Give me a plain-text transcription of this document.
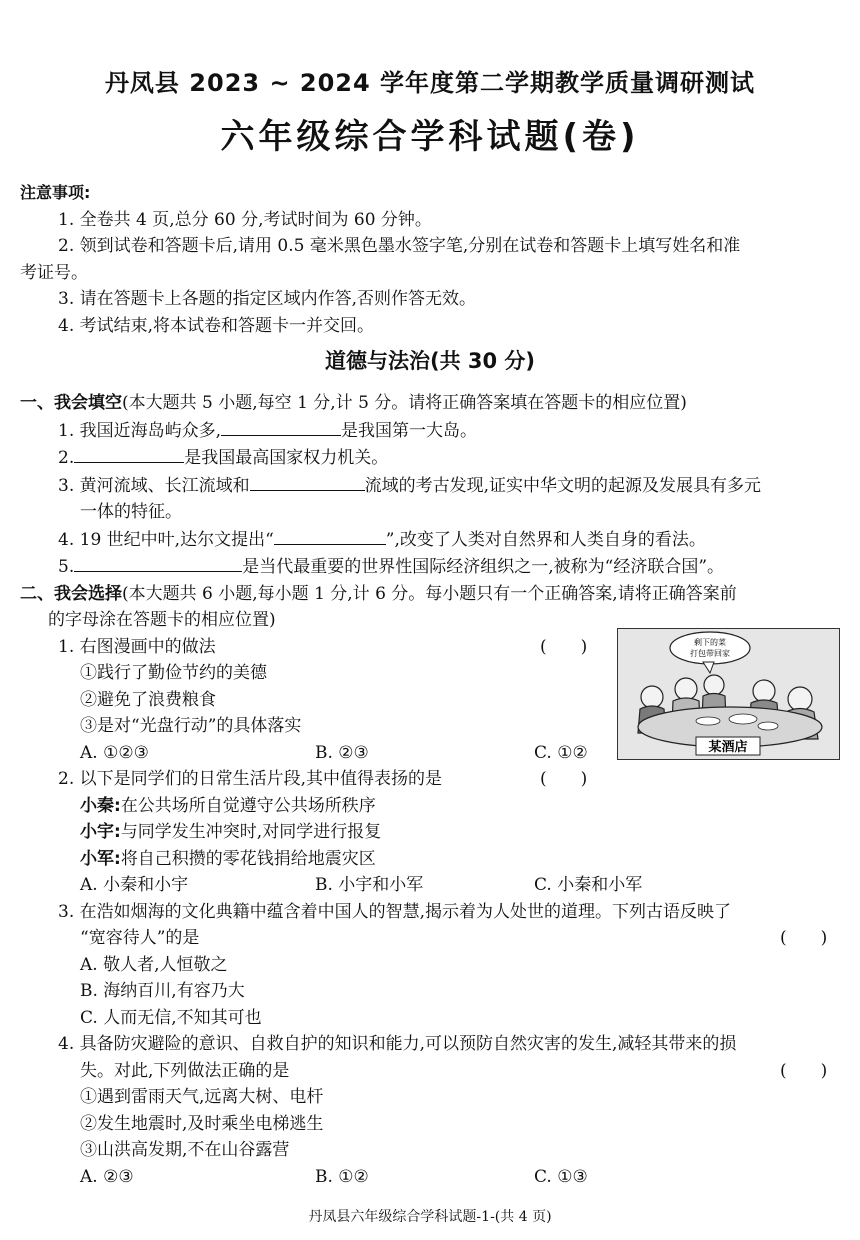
丹凤县 2023 ~ 2024 学年度第二学期教学质量调研测试
六年级综合学科试题(卷)
注意事项:
1. 全卷共 4 页,总分 60 分,考试时间为 60 分钟。
2. 领到试卷和答题卡后,请用 0.5 毫米黑色墨水签字笔,分别在试卷和答题卡上填写姓名和准
考证号。
3. 请在答题卡上各题的指定区域内作答,否则作答无效。
4. 考试结束,将本试卷和答题卡一并交回。
道德与法治(共 30 分)
一、我会填空(本大题共 5 小题,每空 1 分,计 5 分。请将正确答案填在答题卡的相应位置)
1. 我国近海岛屿众多,	是我国第一大岛。
2.	是我国最高国家权力机关。
3. 黄河流域、长江流域和	流域的考古发现,证实中华文明的起源及发展具有多元
一体的特征。
4. 19 世纪中叶,达尔文提出“	”,改变了人类对自然界和人类自身的看法。
5.	是当代最重要的世界性国际经济组织之一,被称为“经济联合国”。
二、我会选择(本大题共 6 小题,每小题 1 分,计 6 分。每小题只有一个正确答案,请将正确答案前
的字母涂在答题卡的相应位置)
1. 右图漫画中的做法	(　　)
①践行了勤俭节约的美德
②避免了浪费粮食
③是对“光盘行动”的具体落实
A. ①②③	B. ②③	C. ①②
2. 以下是同学们的日常生活片段,其中值得表扬的是	(　　)
小秦:在公共场所自觉遵守公共场所秩序
小宇:与同学发生冲突时,对同学进行报复
小军:将自己积攒的零花钱捐给地震灾区
A. 小秦和小宇	B. 小宇和小军	C. 小秦和小军
3. 在浩如烟海的文化典籍中蕴含着中国人的智慧,揭示着为人处世的道理。下列古语反映了
“宽容待人”的是	(　　)
A. 敬人者,人恒敬之
B. 海纳百川,有容乃大
C. 人而无信,不知其可也
4. 具备防灾避险的意识、自救自护的知识和能力,可以预防自然灾害的发生,减轻其带来的损
失。对此,下列做法正确的是	(　　)
①遇到雷雨天气,远离大树、电杆
②发生地震时,及时乘坐电梯逃生
③山洪高发期,不在山谷露营
A. ②③	B. ①②	C. ①③
剩下的菜
打包带回家
某酒店
丹凤县六年级综合学科试题-1-(共 4 页)
